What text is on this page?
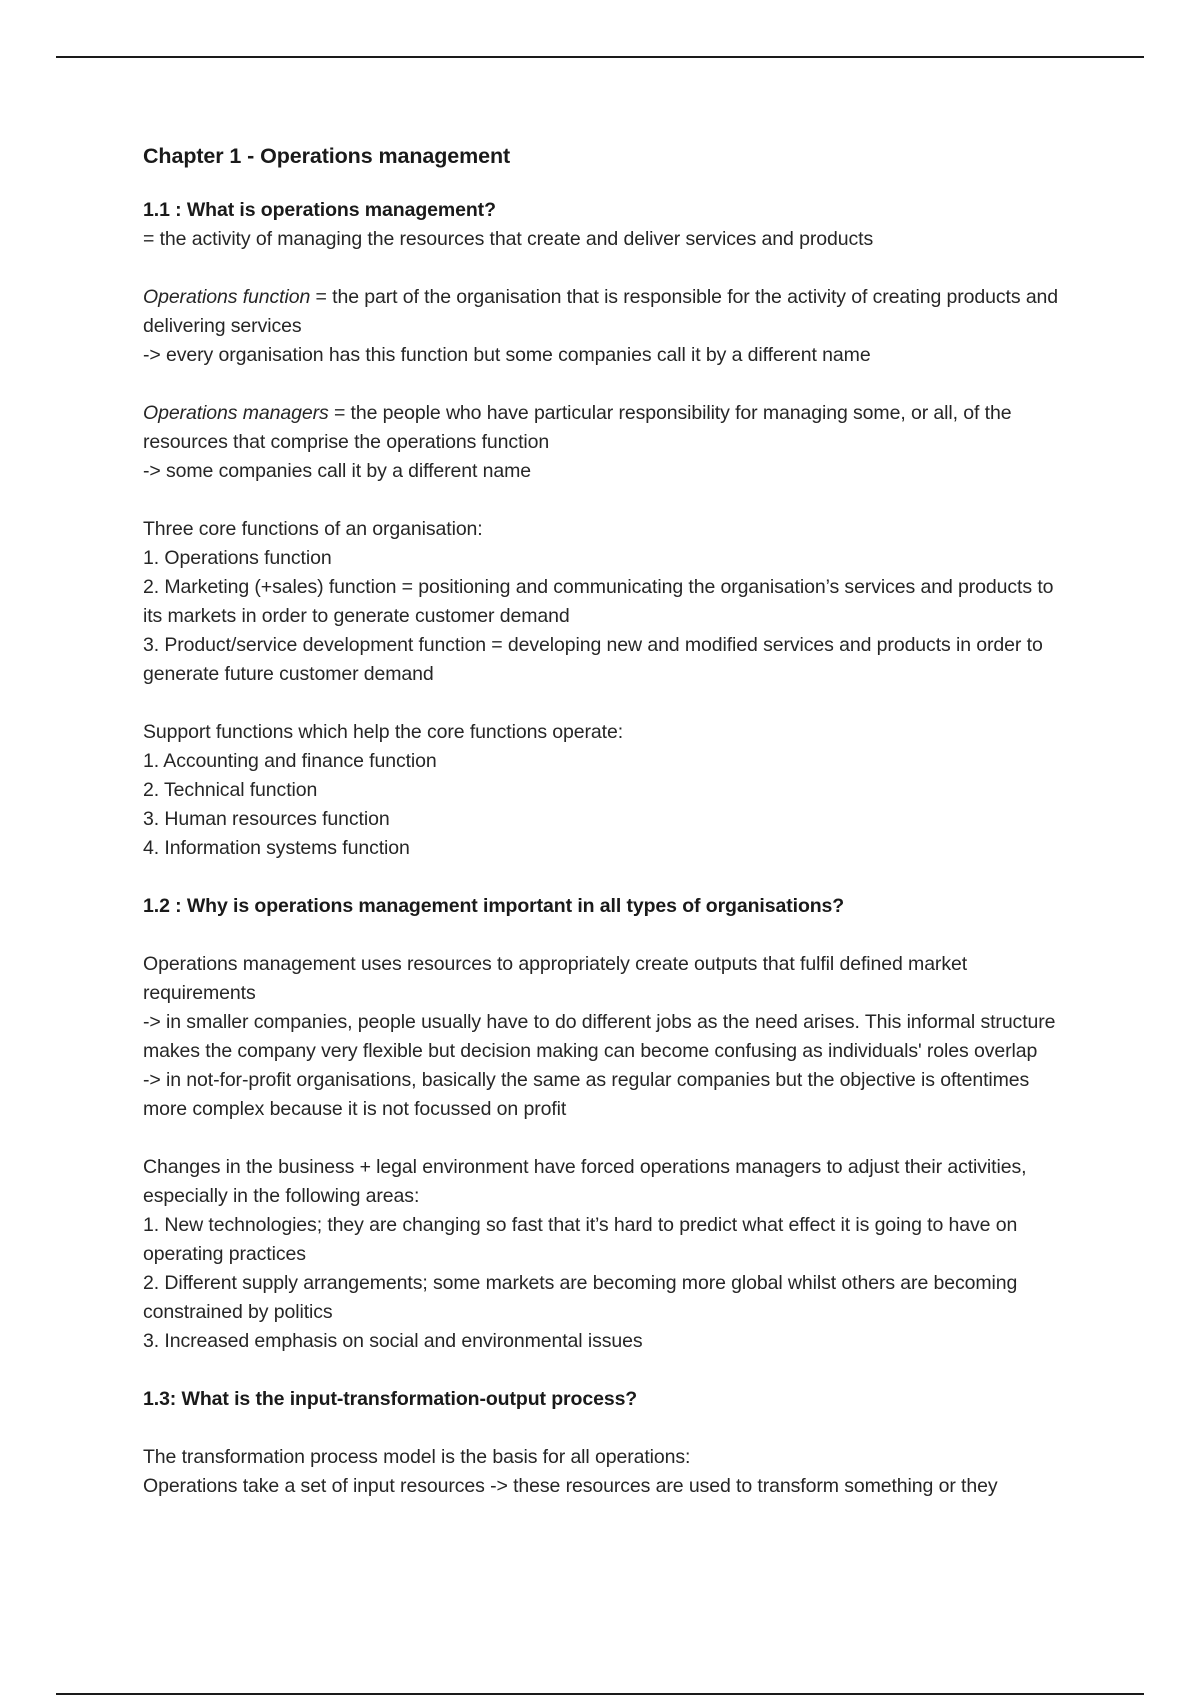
Chapter 1 - Operations management
1.1 : What is operations management?
= the activity of managing the resources that create and deliver services and products
Operations function = the part of the organisation that is responsible for the activity of creating products and delivering services
-> every organisation has this function but some companies call it by a different name
Operations managers = the people who have particular responsibility for managing some, or all, of the resources that comprise the operations function
-> some companies call it by a different name
Three core functions of an organisation:
1. Operations function
2. Marketing (+sales) function = positioning and communicating the organisation’s services and products to its markets in order to generate customer demand
3. Product/service development function = developing new and modified services and products in order to generate future customer demand
Support functions which help the core functions operate:
1. Accounting and finance function
2. Technical function
3. Human resources function
4. Information systems function
1.2 : Why is operations management important in all types of organisations?
Operations management uses resources to appropriately create outputs that fulfil defined market requirements
-> in smaller companies, people usually have to do different jobs as the need arises. This informal structure makes the company very flexible but decision making can become confusing as individuals' roles overlap
-> in not-for-profit organisations, basically the same as regular companies but the objective is oftentimes more complex because it is not focussed on profit
Changes in the business + legal environment have forced operations managers to adjust their activities, especially in the following areas:
1. New technologies; they are changing so fast that it’s hard to predict what effect it is going to have on operating practices
2. Different supply arrangements; some markets are becoming more global whilst others are becoming constrained by politics
3. Increased emphasis on social and environmental issues
1.3: What is the input-transformation-output process?
The transformation process model is the basis for all operations:
Operations take a set of input resources -> these resources are used to transform something or they
